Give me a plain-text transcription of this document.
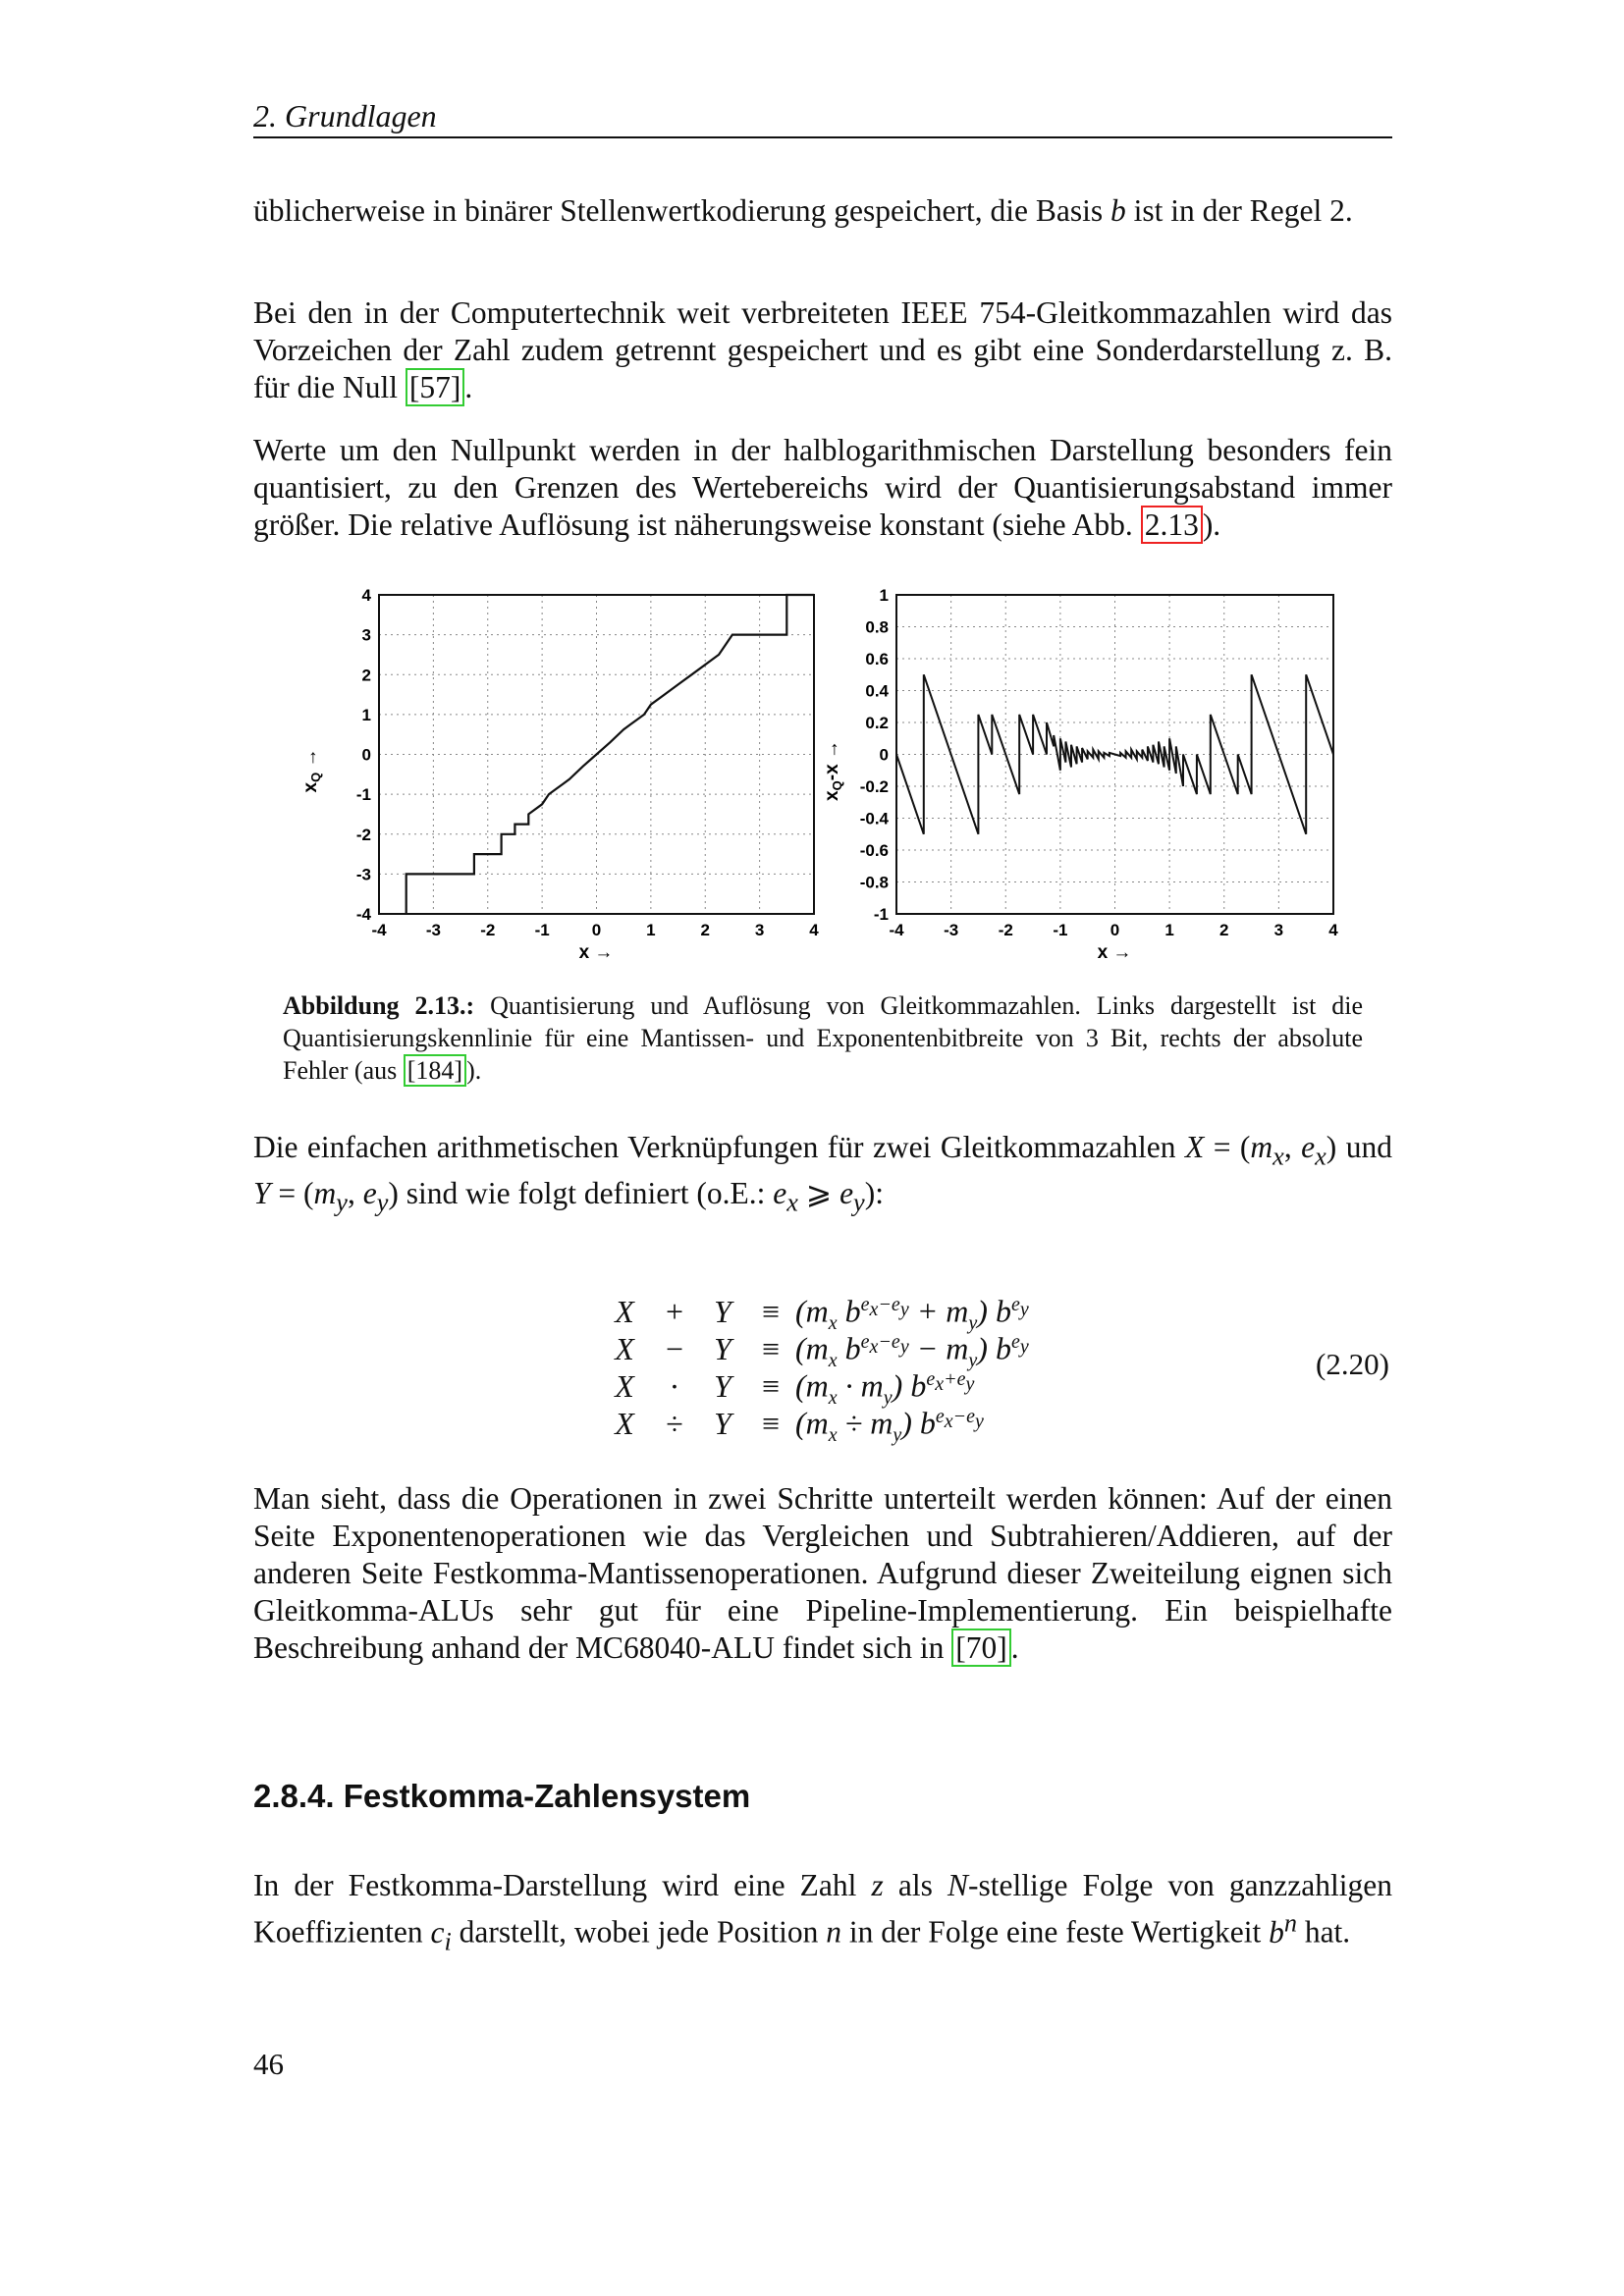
2. Grundlagen

üblicherweise in binärer Stellenwertkodierung gespeichert, die Basis b ist in der Regel 2.

Bei den in der Computertechnik weit verbreiteten IEEE 754-Gleitkommazahlen wird das Vorzeichen der Zahl zudem getrennt gespeichert und es gibt eine Sonderdarstellung z. B. für die Null [57] .

Werte um den Nullpunkt werden in der halblogarithmischen Darstellung besonders fein quantisiert, zu den Grenzen des Wertebereichs wird der Quantisierungsabstand immer größer. Die relative Auflösung ist näherungsweise konstant (siehe Abb. 2.13 ).

4
3
2
1
0
-1
-2
-3
-4
-4 -3 -2 -1	0	1	2	3	4
$x_Q$ →
x →
1
0.8
0.6
0.4
0.2
0
-0.2
-0.4
-0.6
-0.8
-1
-4 -3 -2 -1	0	1	2	3	4
$x_Q-x$ →
x →
Abbildung 2.13.: Quantisierung und Auflösung von Gleitkommazahlen. Links dargestellt ist die Quantisierungskennlinie für eine Mantissen- und Exponentenbitbreite von 3 Bit, rechts der absolute Fehler (aus [184] ).

Die einfachen arithmetischen Verknüpfungen für zwei Gleitkommazahlen $X = (m_x$, $e_x$) und $Y = (m_y$, $e_y$) sind wie folgt definiert (o.E.: $e_x$ ⩾ $e_y$):

X	+ $Y \equiv (m_x$ $b^{e_x-e_y} + m_y$) $b^{e_y}$
X	− $Y \equiv (m_x$ $b^{e_x-e_y} - m_y$) $b^{e_y}$
X	·	$Y \equiv (m_x \cdot m_y)$ $b^{e_x+e_y}$
X	÷ $Y \equiv (m_x \div m_y)$ $b^{e_x-e_y}$
(2.20)

Man sieht, dass die Operationen in zwei Schritte unterteilt werden können: Auf der einen Seite Exponentenoperationen wie das Vergleichen und Subtrahieren/Addieren, auf der anderen Seite Festkomma-Mantissenoperationen. Aufgrund dieser Zweiteilung eignen sich Gleitkomma-ALUs sehr gut für eine Pipeline-Implementierung. Ein beispielhafte Beschreibung anhand der MC68040-ALU findet sich in [70] .

2.8.4. Festkomma-Zahlensystem

In der Festkomma-Darstellung wird eine Zahl z als N-stellige Folge von ganzzahligen Koeffizienten $c_i$ darstellt, wobei jede Position n in der Folge eine feste Wertigkeit $b^n$ hat.

46
